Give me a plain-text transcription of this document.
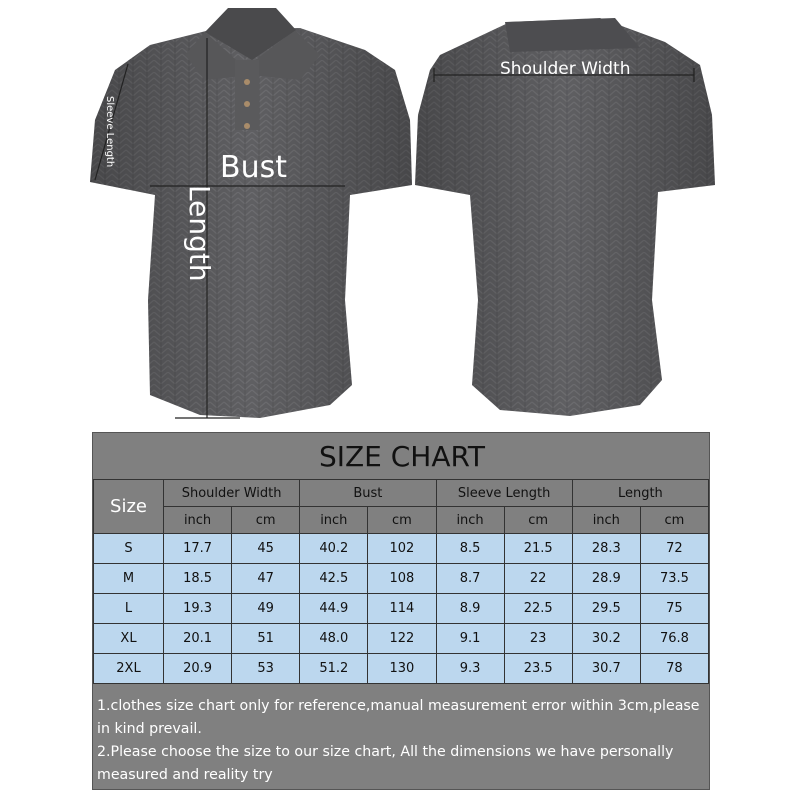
Bust
Length
Sleeve Length
Shoulder Width
SIZE CHART
Size	Shoulder Width		Bust		Sleeve Length		Length	
	inch	cm	inch	cm	inch	cm	inch	cm
S	17.7	45	40.2	102	8.5	21.5	28.3	72
M	18.5	47	42.5	108	8.7	22	28.9	73.5
L	19.3	49	44.9	114	8.9	22.5	29.5	75
XL	20.1	51	48.0	122	9.1	23	30.2	76.8
2XL	20.9	53	51.2	130	9.3	23.5	30.7	78

1.clothes size chart only for reference,manual measurement error within 3cm,please in kind prevail.

2.Please choose the size to our size chart, All the dimensions we have personally measured and reality try
